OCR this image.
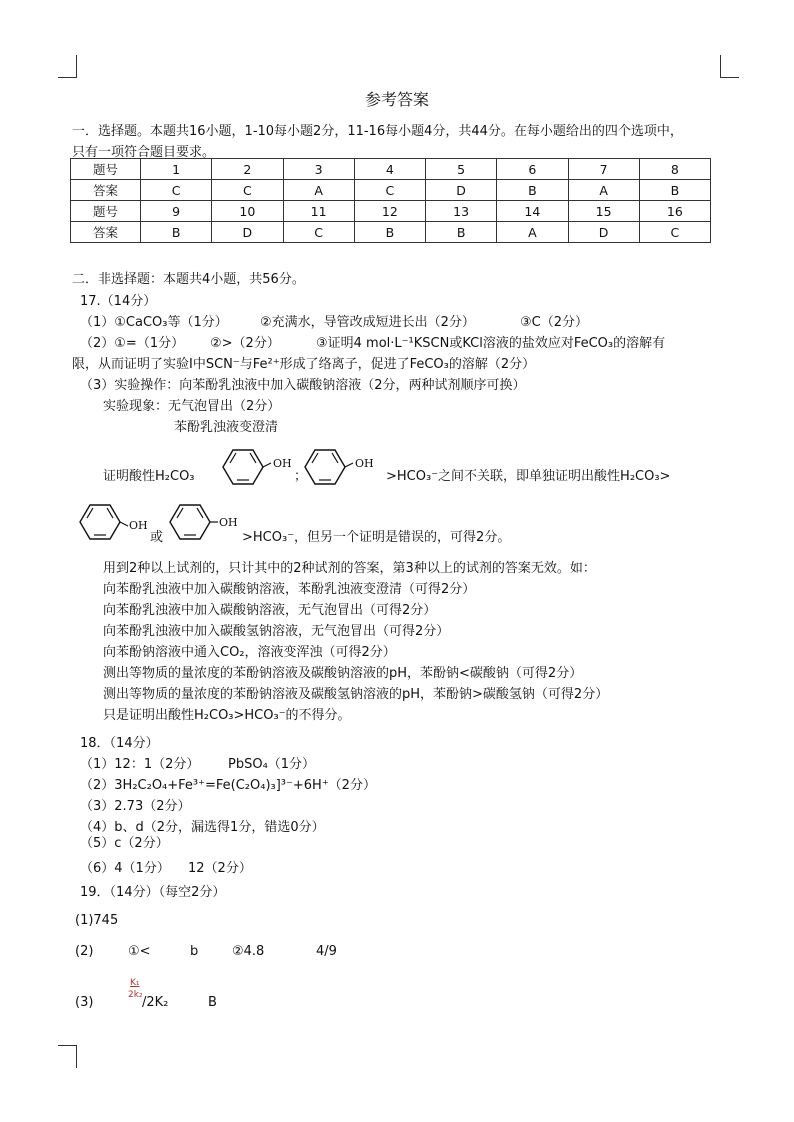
参考答案
一．选择题。本题共16小题，1-10每小题2分，11-16每小题4分，共44分。在每小题给出的四个选项中，
只有一项符合题目要求。
题号	1	2	3	4	5	6	7	8
答案	C	C	A	C	D	B	A	B
题号	9	10	11	12	13	14	15	16
答案	B	D	C	B	B	A	D	C
二．非选择题：本题共4小题，共56分。
17.（14分）
（1）①CaCO₃等（1分） ②充满水，导管改成短进长出（2分）	③C（2分）
（2）①=（1分） ②>（2分）	③证明4 mol·L⁻¹KSCN或KCl溶液的盐效应对FeCO₃的溶解有
限，从而证明了实验Ⅰ中SCN⁻与Fe²⁺形成了络离子，促进了FeCO₃的溶解（2分）
（3）实验操作：向苯酚乳浊液中加入碳酸钠溶液（2分，两种试剂顺序可换）
实验现象：无气泡冒出（2分）
苯酚乳浊液变澄清
证明酸性H₂CO₃
OH
；
OH
>HCO₃⁻之间不关联，即单独证明出酸性H₂CO₃>
OH
或
OH
>HCO₃⁻，但另一个证明是错误的，可得2分。
用到2种以上试剂的，只计其中的2种试剂的答案，第3种以上的试剂的答案无效。如：
向苯酚乳浊液中加入碳酸钠溶液，苯酚乳浊液变澄清（可得2分）
向苯酚乳浊液中加入碳酸钠溶液，无气泡冒出（可得2分）
向苯酚乳浊液中加入碳酸氢钠溶液，无气泡冒出（可得2分）
向苯酚钠溶液中通入CO₂，溶液变浑浊（可得2分）
测出等物质的量浓度的苯酚钠溶液及碳酸钠溶液的pH，苯酚钠<碳酸钠（可得2分）
测出等物质的量浓度的苯酚钠溶液及碳酸氢钠溶液的pH，苯酚钠>碳酸氢钠（可得2分）
只是证明出酸性H₂CO₃>HCO₃⁻的不得分。
18．（14分）
（1）12：1（2分） PbSO₄（1分）
（2）3H₂C₂O₄+Fe³⁺=Fe(C₂O₄)₃]³⁻+6H⁺（2分）
（3）2.73（2分）
（4）b、d（2分，漏选得1分，错选0分）
（5）c（2分）
（6）4（1分） 12（2分）
19．（14分）（每空2分）
(1)745
(2)	①<	b	②4.8	4/9
(3)
K₁
2k₂ /2K₂	B
